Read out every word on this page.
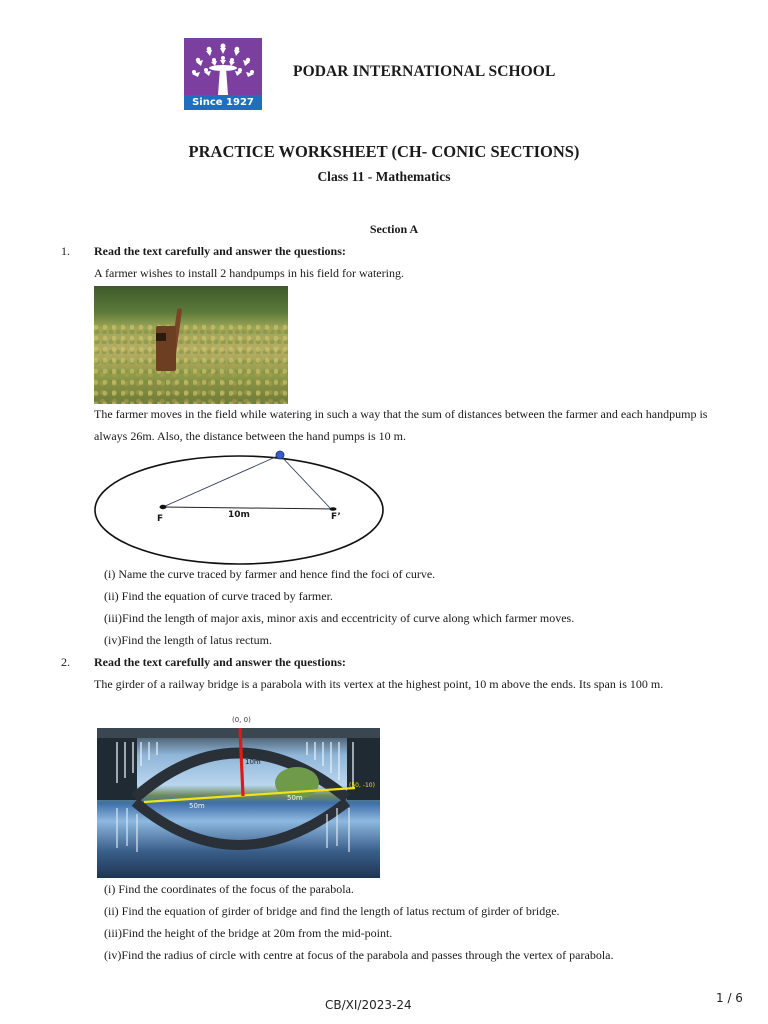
Since 1927
PODAR INTERNATIONAL SCHOOL
PRACTICE WORKSHEET (CH- CONIC SECTIONS)
Class 11 - Mathematics
Section A
1. Read the text carefully and answer the questions:
A farmer wishes to install 2 handpumps in his field for watering.
The farmer moves in the field while watering in such a way that the sum of distances between the farmer and each handpump is always 26m. Also, the distance between the hand pumps is 10 m.
F	10m	F’
(i) Name the curve traced by farmer and hence find the foci of curve.
(ii) Find the equation of curve traced by farmer.
(iii)Find the length of major axis, minor axis and eccentricity of curve along which farmer moves.
(iv)Find the length of latus rectum.
2. Read the text carefully and answer the questions:
The girder of a railway bridge is a parabola with its vertex at the highest point, 10 m above the ends. Its span is 100 m.
(0, 0)
10m
50m
50m
(50, -10)
(i) Find the coordinates of the focus of the parabola.
(ii) Find the equation of girder of bridge and find the length of latus rectum of girder of bridge.
(iii)Find the height of the bridge at 20m from the mid-point.
(iv)Find the radius of circle with centre at focus of the parabola and passes through the vertex of parabola.
CB/XI/2023-24	1 / 6
